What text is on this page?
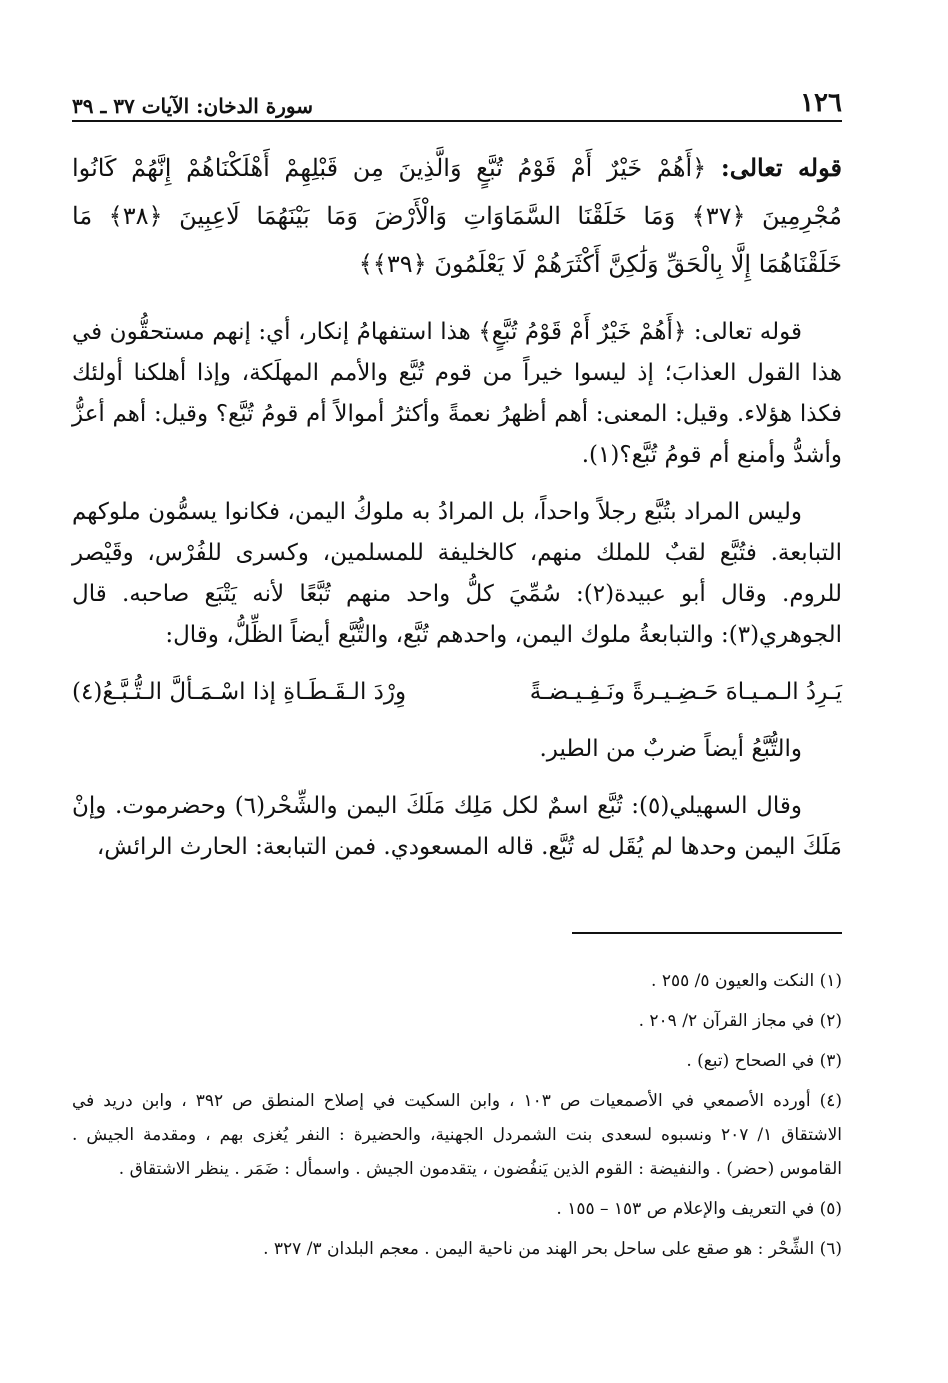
١٢٦
سورة الدخان: الآيات ٣٧ ـ ٣٩
قوله تعالى: ﴿أَهُمْ خَيْرٌ أَمْ قَوْمُ تُبَّعٍ وَالَّذِينَ مِن قَبْلِهِمْ أَهْلَكْنَاهُمْ إِنَّهُمْ كَانُوا مُجْرِمِينَ ﴿٣٧﴾ وَمَا خَلَقْنَا السَّمَاوَاتِ وَالْأَرْضَ وَمَا بَيْنَهُمَا لَاعِبِينَ ﴿٣٨﴾ مَا خَلَقْنَاهُمَا إِلَّا بِالْحَقِّ وَلَٰكِنَّ أَكْثَرَهُمْ لَا يَعْلَمُونَ ﴿٣٩﴾﴾

قوله تعالى: ﴿أَهُمْ خَيْرٌ أَمْ قَوْمُ تُبَّعٍ﴾ هذا استفهامُ إنكار، أي: إنهم مستحقُّون في هذا القول العذابَ؛ إذ ليسوا خيراً من قوم تُبَّع والأمم المهلَكة، وإذا أهلكنا أولئك فكذا هؤلاء. وقيل: المعنى: أهم أظهرُ نعمةً وأكثرُ أموالاً أم قومُ تُبَّع؟ وقيل: أهم أعزُّ وأشدُّ وأمنع أم قومُ تُبَّع؟(١).

وليس المراد بتُبَّع رجلاً واحداً، بل المرادُ به ملوكُ اليمن، فكانوا يسمُّون ملوكهم التبابعة. فتُبَّع لقبٌ للملك منهم، كالخليفة للمسلمين، وكسرى للفُرْس، وقَيْصر للروم. وقال أبو عبيدة(٢): سُمِّيَ كلُّ واحد منهم تُبَّعًا لأنه يَتْبَع صاحبه. قال الجوهري(٣): والتبابعةُ ملوك اليمن، واحدهم تُبَّع، والتُّبَّع أيضاً الظِّلُّ، وقال:

يَـرِدُ الـمـيـاهَ حَـضِـيـرةً ونَـفِـيـضـةً
وِرْدَ الـقَـطَـاةِ إذا اسْـمَـألَّ الـتُّـبَّـعُ(٤)

والتُّبَّعُ أيضاً ضربٌ من الطير.

وقال السهيلي(٥): تُبَّع اسمٌ لكل مَلِك مَلَكَ اليمن والشِّحْر(٦) وحضرموت. وإنْ مَلَكَ اليمن وحدها لم يُقَل له تُبَّع. قاله المسعودي. فمن التبابعة: الحارث الرائش،

(١) النكت والعيون ٥/ ٢٥٥ .
(٢) في مجاز القرآن ٢/ ٢٠٩ .
(٣) في الصحاح (تبع) .
(٤) أورده الأصمعي في الأصمعيات ص ١٠٣ ، وابن السكيت في إصلاح المنطق ص ٣٩٢ ، وابن دريد في الاشتقاق ١/ ٢٠٧ ونسبوه لسعدى بنت الشمردل الجهنية، والحضيرة : النفر يُغزى بهم ، ومقدمة الجيش . القاموس (حضر) . والنفيضة : القوم الذين يَنفُضون ، يتقدمون الجيش . واسمأل : ضَمَر . ينظر الاشتقاق .
(٥) في التعريف والإعلام ص ١٥٣ – ١٥٥ .
(٦) الشِّحْر : هو صقع على ساحل بحر الهند من ناحية اليمن . معجم البلدان ٣/ ٣٢٧ .
